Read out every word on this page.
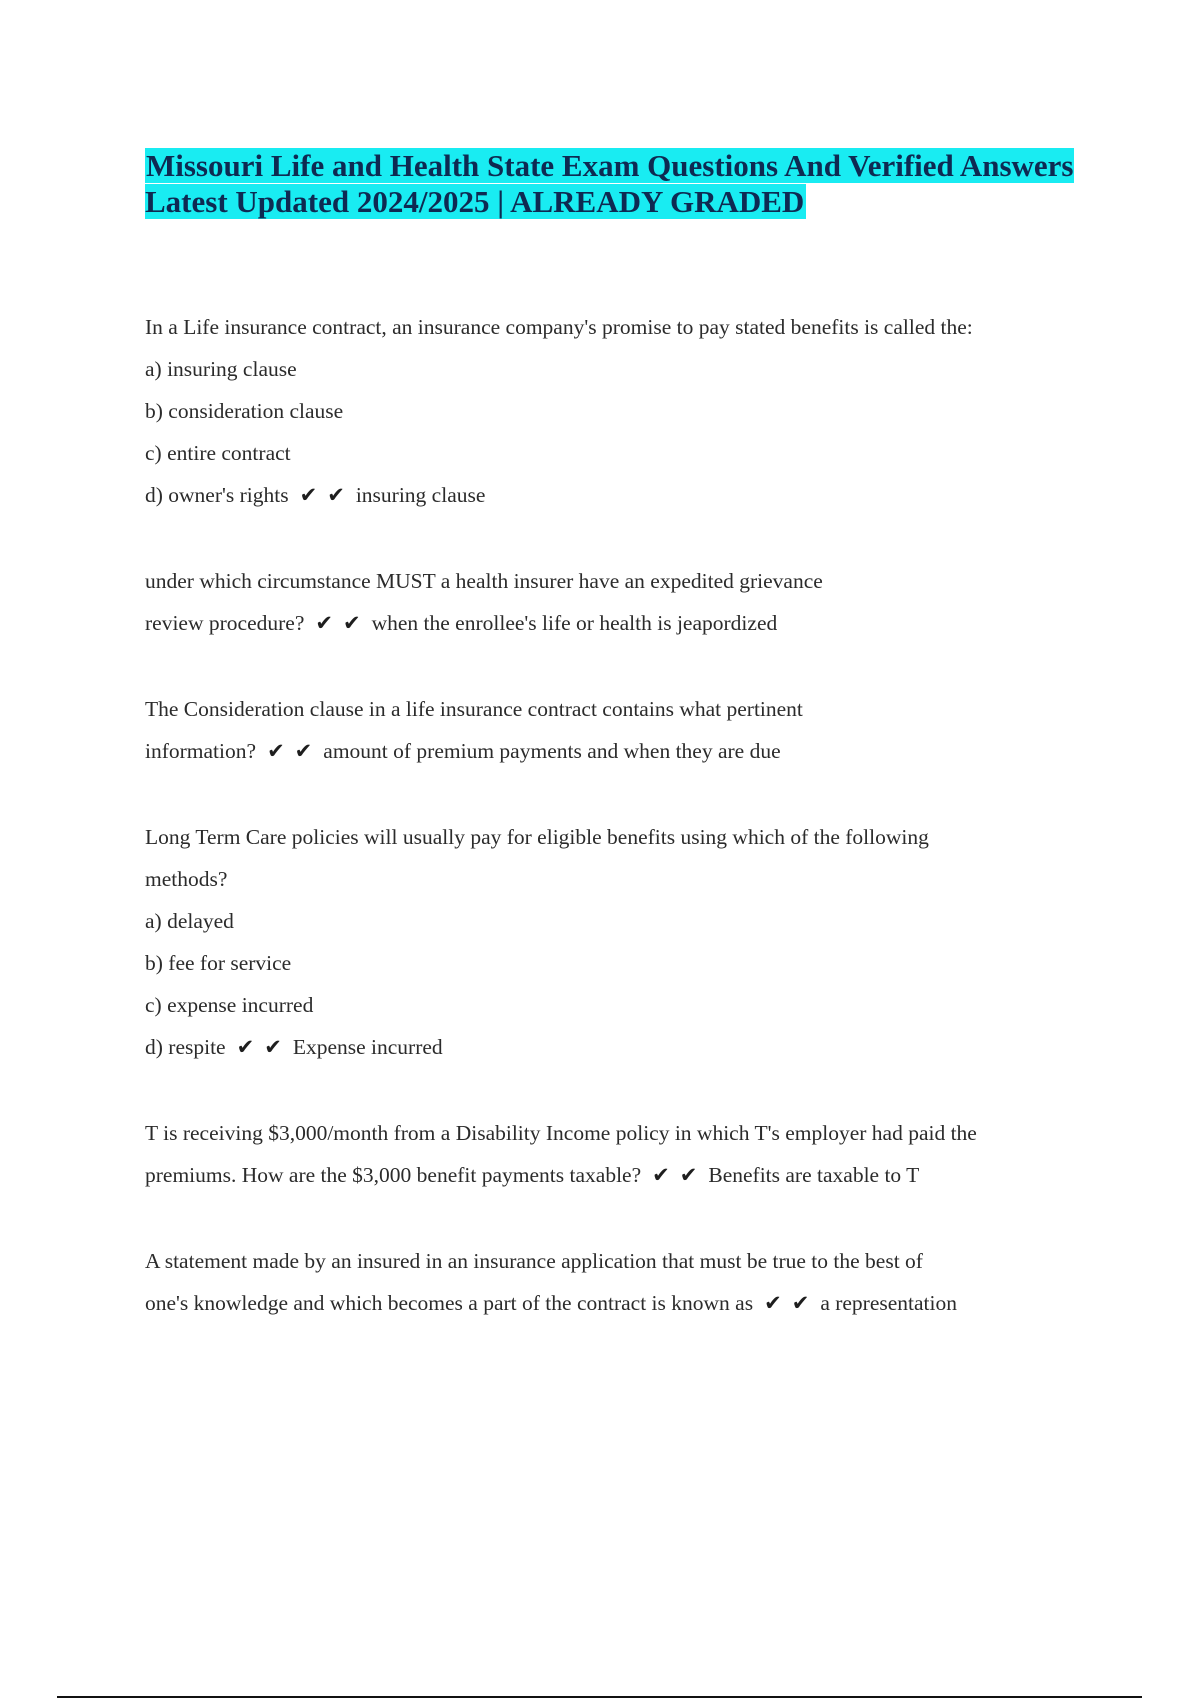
Missouri Life and Health State Exam Questions And Verified Answers Latest Updated 2024/2025 | ALREADY GRADED

In a Life insurance contract, an insurance company's promise to pay stated benefits is called the:

a) insuring clause

b) consideration clause

c) entire contract

d) owner's rights ✔ ✔ insuring clause

under which circumstance MUST a health insurer have an expedited grievance

review procedure? ✔ ✔ when the enrollee's life or health is jeapordized

The Consideration clause in a life insurance contract contains what pertinent

information? ✔ ✔ amount of premium payments and when they are due

Long Term Care policies will usually pay for eligible benefits using which of the following

methods?

a) delayed

b) fee for service

c) expense incurred

d) respite ✔ ✔ Expense incurred

T is receiving $3,000/month from a Disability Income policy in which T's employer had paid the

premiums. How are the $3,000 benefit payments taxable? ✔ ✔ Benefits are taxable to T

A statement made by an insured in an insurance application that must be true to the best of

one's knowledge and which becomes a part of the contract is known as ✔ ✔ a representation
